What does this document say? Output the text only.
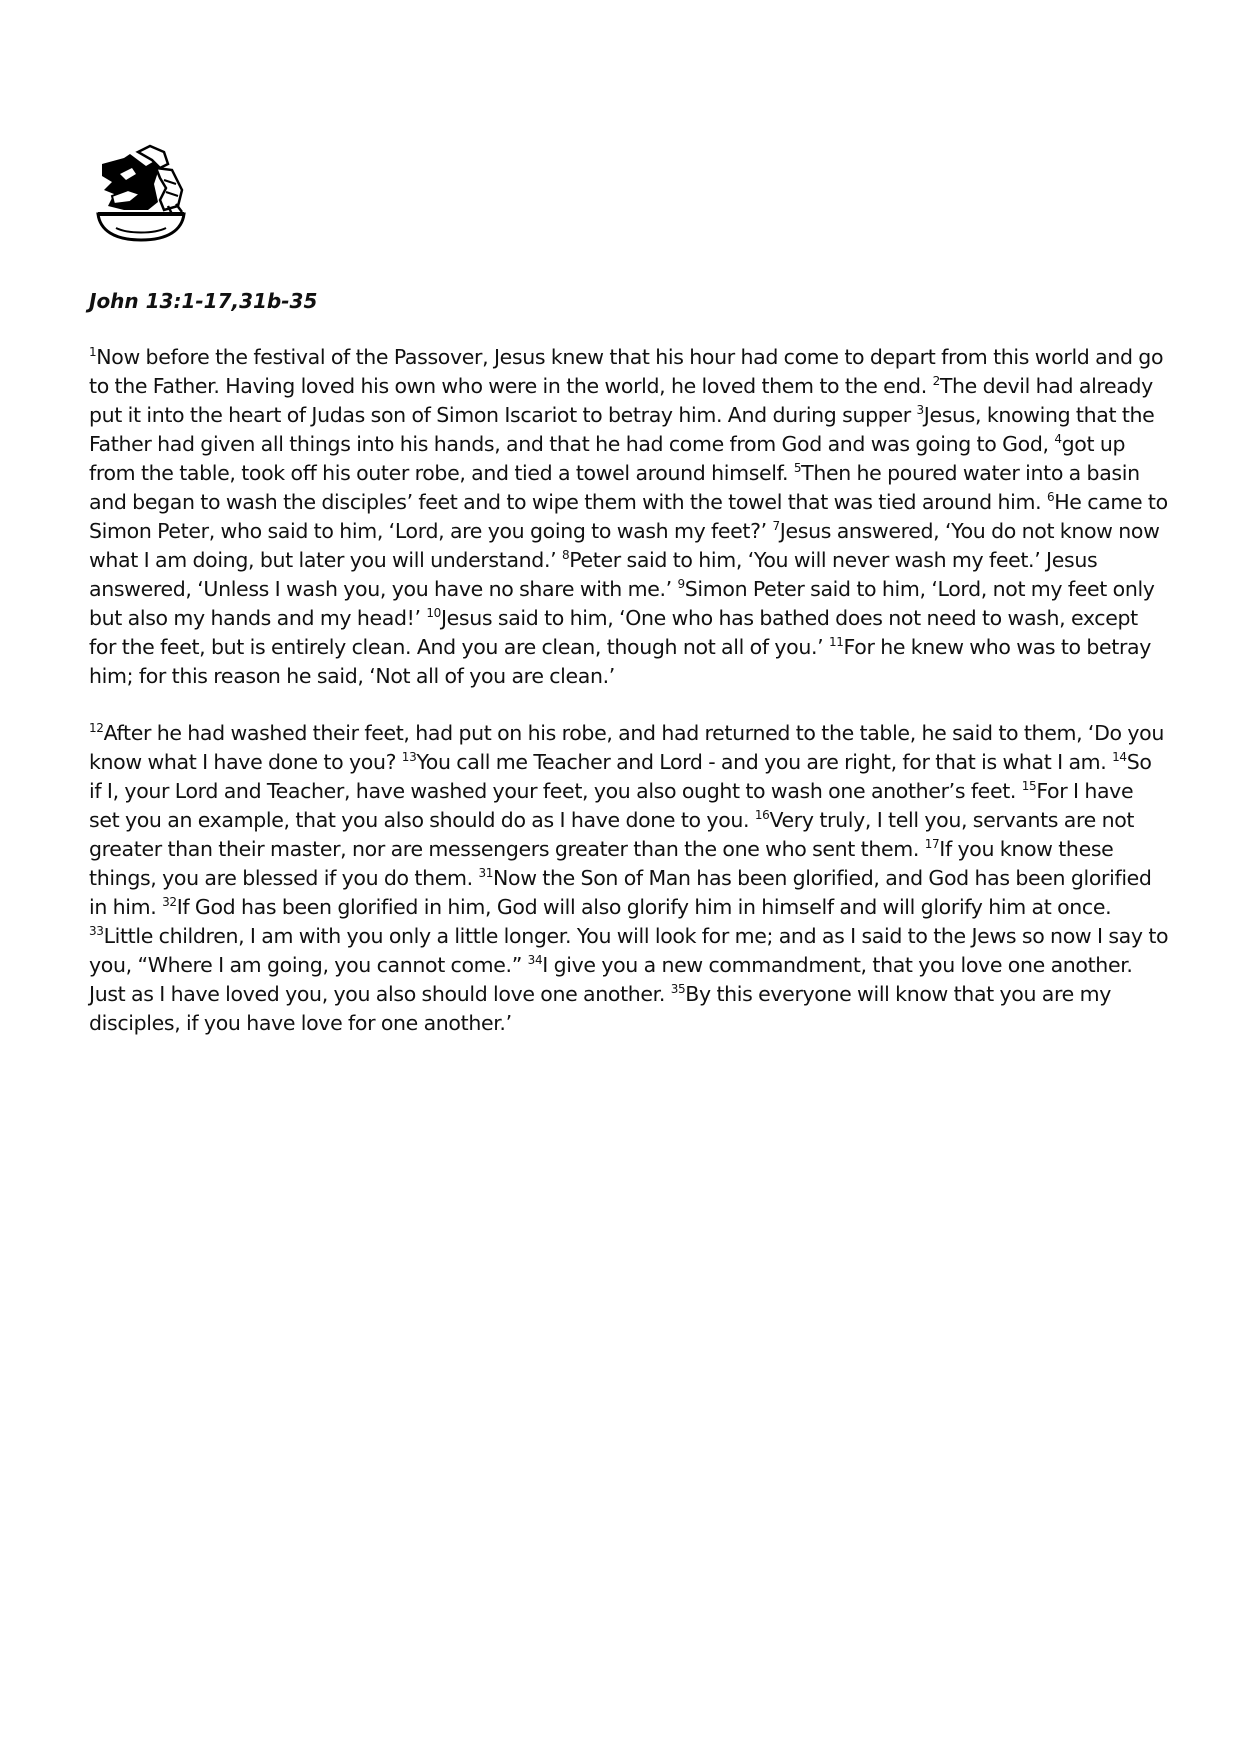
John 13:1-17,31b-35

$^1$Now before the festival of the Passover, Jesus knew that his hour had come to depart from this world and go to the Father. Having loved his own who were in the world, he loved them to the end. $^2$The devil had already put it into the heart of Judas son of Simon Iscariot to betray him. And during supper $^3$Jesus, knowing that the Father had given all things into his hands, and that he had come from God and was going to God, $^4$got up from the table, took off his outer robe, and tied a towel around himself. $^5$Then he poured water into a basin and began to wash the disciples’ feet and to wipe them with the towel that was tied around him. $^6$He came to Simon Peter, who said to him, ‘Lord, are you going to wash my feet?’ $^7$Jesus answered, ‘You do not know now what I am doing, but later you will understand.’ $^8$Peter said to him, ‘You will never wash my feet.’ Jesus answered, ‘Unless I wash you, you have no share with me.’ $^9$Simon Peter said to him, ‘Lord, not my feet only but also my hands and my head!’ $^{10}$Jesus said to him, ‘One who has bathed does not need to wash, except for the feet, but is entirely clean. And you are clean, though not all of you.’ $^{11}$For he knew who was to betray him; for this reason he said, ‘Not all of you are clean.’

$^{12}$After he had washed their feet, had put on his robe, and had returned to the table, he said to them, ‘Do you know what I have done to you? $^{13}$You call me Teacher and Lord - and you are right, for that is what I am. $^{14}$So if I, your Lord and Teacher, have washed your feet, you also ought to wash one another’s feet. $^{15}$For I have set you an example, that you also should do as I have done to you. $^{16}$Very truly, I tell you, servants are not greater than their master, nor are messengers greater than the one who sent them. $^{17}$If you know these things, you are blessed if you do them. $^{31}$Now the Son of Man has been glorified, and God has been glorified in him. $^{32}$If God has been glorified in him, God will also glorify him in himself and will glorify him at once. $^{33}$Little children, I am with you only a little longer. You will look for me; and as I said to the Jews so now I say to you, “Where I am going, you cannot come.” $^{34}$I give you a new commandment, that you love one another. Just as I have loved you, you also should love one another. $^{35}$By this everyone will know that you are my disciples, if you have love for one another.’
